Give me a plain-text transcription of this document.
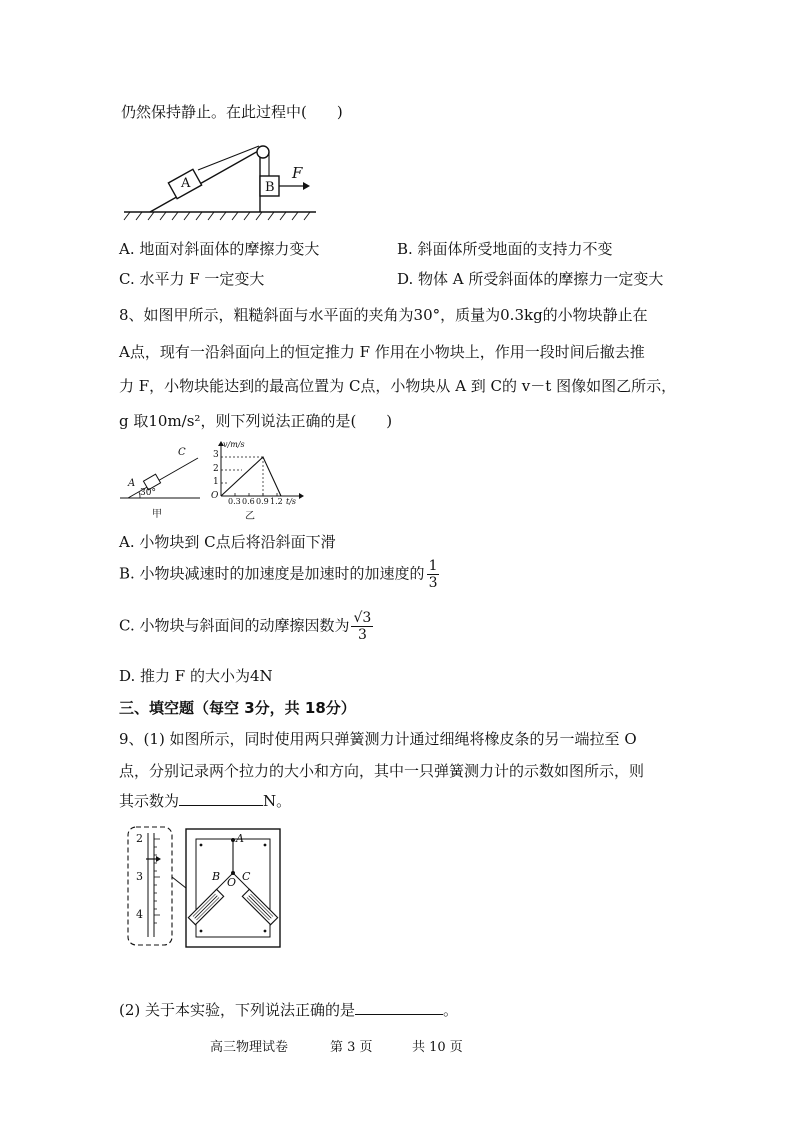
仍然保持静止。在此过程中(　　)
A	B
F
A. 地面对斜面体的摩擦力变大	B. 斜面体所受地面的支持力不变
C. 水平力 F 一定变大	D. 物体 A 所受斜面体的摩擦力一定变大
8、如图甲所示，粗糙斜面与水平面的夹角为30°，质量为0.3kg的小物块静止在
A点，现有一沿斜面向上的恒定推力 F 作用在小物块上，作用一段时间后撤去推
力 F，小物块能达到的最高位置为 C点，小物块从 A 到 C的 v－t 图像如图乙所示，
g 取10m/s²，则下列说法正确的是(　　)
C
A
30°
甲
v/m/s
3
2
1
O
0.3 0.6 0.9 1.2 t/s
乙
A. 小物块到 C点后将沿斜面下滑
B. 小物块减速时的加速度是加速时的加速度的 $\frac{1}{3}$
C. 小物块与斜面间的动摩擦因数为 $\frac{√3}{3}$
D. 推力 F 的大小为4N
三、填空题（每空 3分，共 18分）
9、(1) 如图所示，同时使用两只弹簧测力计通过细绳将橡皮条的另一端拉至 O
点，分别记录两个拉力的大小和方向，其中一只弹簧测力计的示数如图所示，则
其示数为	N。
2
3
4
A
B O C
(2) 关于本实验，下列说法正确的是	。
高三物理试卷	第 3 页	共 10 页
